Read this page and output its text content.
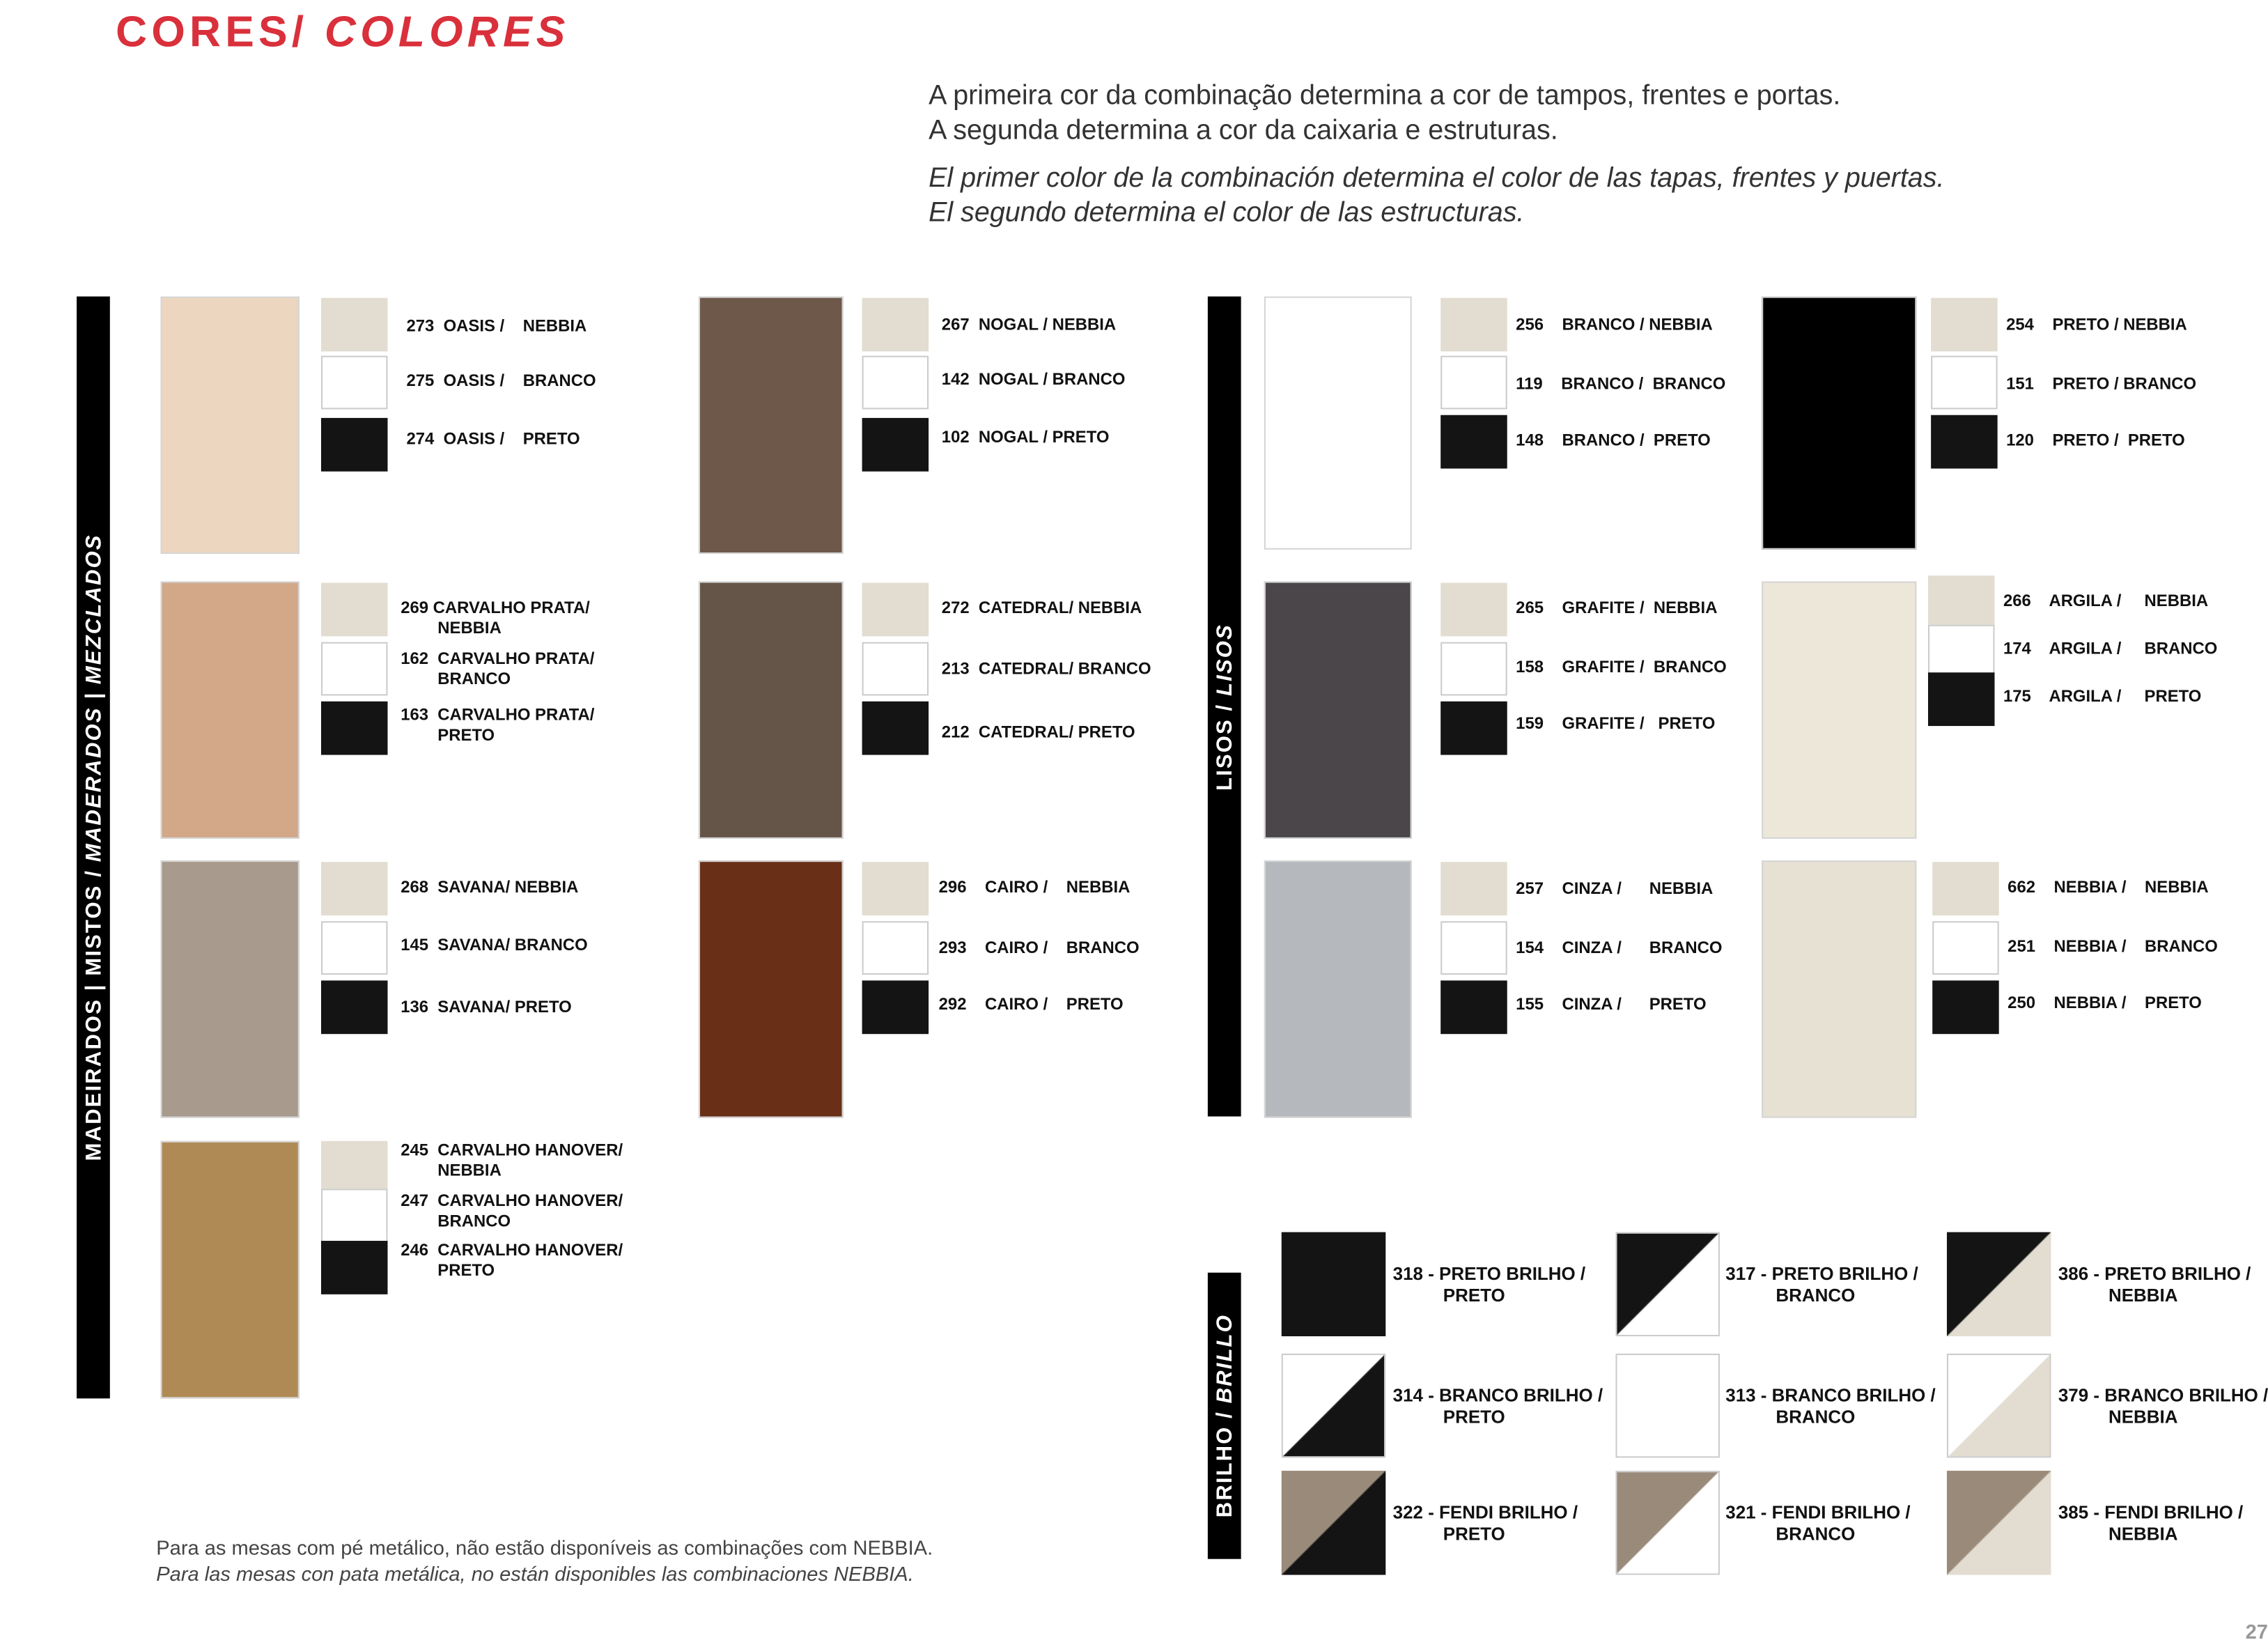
CORES/ COLORES
A primeira cor da combinação determina a cor de tampos, frentes e portas.
A segunda determina a cor da caixaria e estruturas.
El primer color de la combinación determina el color de las tapas, frentes y puertas.
El segundo determina el color de las estructuras.
MADEIRADOS | MISTOS / MADERADOS | MEZCLADOS	LISOS / LISOS
BRILHO / BRILLO
Para as mesas com pé metálico, não estão disponíveis as combinações com NEBBIA.
Para las mesas con pata metálica, no están disponibles las combinaciones NEBBIA.
27
273  OASIS /    NEBBIA
275  OASIS /    BRANCO
274  OASIS /    PRETO
269 CARVALHO PRATA/
NEBBIA
162  CARVALHO PRATA/
BRANCO
163  CARVALHO PRATA/
PRETO
268  SAVANA/ NEBBIA
145  SAVANA/ BRANCO
136  SAVANA/ PRETO
245  CARVALHO HANOVER/
NEBBIA
247  CARVALHO HANOVER/
BRANCO
246  CARVALHO HANOVER/
PRETO
267  NOGAL / NEBBIA
142  NOGAL / BRANCO
102  NOGAL / PRETO
272  CATEDRAL/ NEBBIA
213  CATEDRAL/ BRANCO
212  CATEDRAL/ PRETO
296    CAIRO /    NEBBIA
293    CAIRO /    BRANCO
292    CAIRO /    PRETO
256    BRANCO / NEBBIA
119    BRANCO /  BRANCO
148    BRANCO /  PRETO
265    GRAFITE /  NEBBIA
158    GRAFITE /  BRANCO
159    GRAFITE /   PRETO
257    CINZA /      NEBBIA
154    CINZA /      BRANCO
155    CINZA /      PRETO
254    PRETO / NEBBIA
151    PRETO / BRANCO
120    PRETO /  PRETO
266    ARGILA /     NEBBIA
174    ARGILA /     BRANCO
175    ARGILA /     PRETO
662    NEBBIA /    NEBBIA
251    NEBBIA /    BRANCO
250    NEBBIA /    PRETO
318 - PRETO BRILHO /
PRETO
317 - PRETO BRILHO /
BRANCO
386 - PRETO BRILHO /
NEBBIA
314 - BRANCO BRILHO /
PRETO
313 - BRANCO BRILHO /
BRANCO
379 - BRANCO BRILHO /
NEBBIA
322 - FENDI BRILHO /
PRETO
321 - FENDI BRILHO /
BRANCO
385 - FENDI BRILHO /
NEBBIA
